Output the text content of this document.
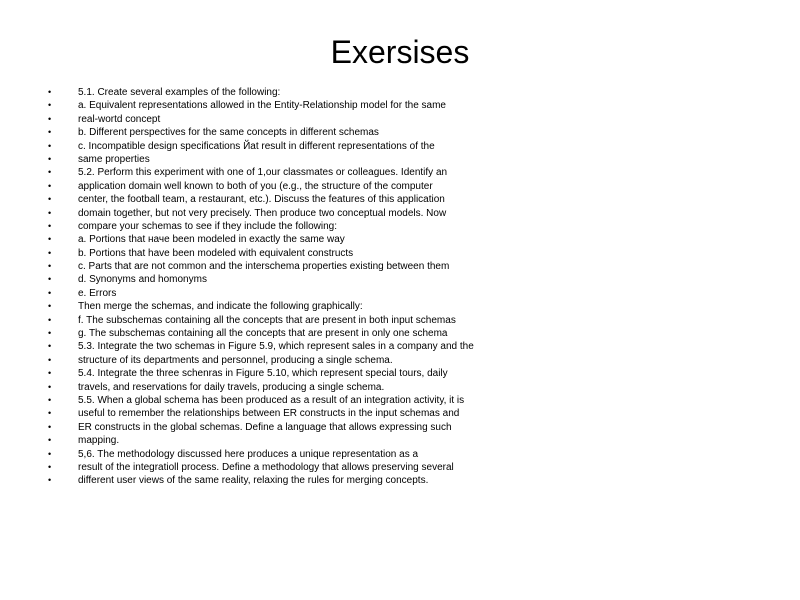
Exersises
•	5.1. Create several examples of the following:
•	a. Equivalent representations allowed in the Entity-Relationship model for the same
•	real-wortd concept
•	b. Different perspectives for the same concepts in different schemas
•	c. Incompatible design specifications Йat result in different representations of the
•	same properties
•	5.2. Perform this experiment with one of 1,our classmates or colleagues. Identify an
•	application domain well known to both of you (e.g., the structure of the computer
•	center, the football team, a restaurant, etc.). Discuss the features of this application
•	domain together, but not very precisely. Then produce two conceptual models. Now
•	compare your schemas to see if they include the following:
•	a. Portions that наче been modeled in exactly the same way
•	b. Portions that have been modeled with equivalent constructs
•	c. Parts that are not common and the interschema properties existing between them
•	d. Synonyms and homonyms
•	e. Errors
•	Then merge the schemas, and indicate the following graphically:
•	f. The subschemas containing all the concepts that are present in both input schemas
•	g. The subschemas containing all the concepts that are present in only one schema
•	5.3. Integrate the two schemas in Figure 5.9, which represent sales in a company and the
•	structure of its departments and personnel, producing a single schema.
•	5.4. Integrate the three schenras in Figure 5.10, which represent special tours, daily
•	travels, and reservations for daily travels, producing a single schema.
•	5.5. When a global schema has been produced as a result of an integration activity, it is
•	useful to remember the relationships between ER constructs in the input schemas and
•	ER constructs in the global schemas. Define a language that allows expressing such
•	mapping.
•	5,6. The methodology discussed here produces a unique representation as a
•	result of the integratioll process. Define a methodology that allows preserving several
•	different user views of the same reality, relaxing the rules for merging concepts.
